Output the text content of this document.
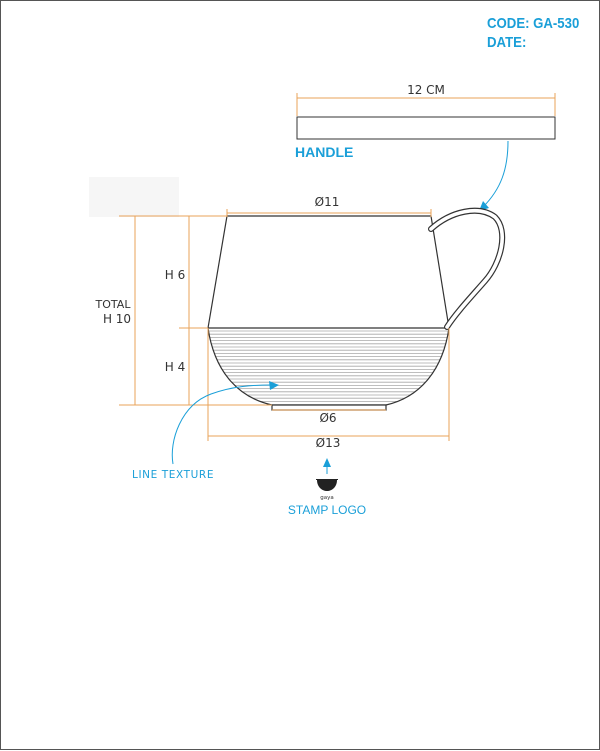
CODE: GA-530
DATE:
12 CM
HANDLE
Ø11
H 6
H 4
TOTAL
H 10
Ø6
Ø13
LINE TEXTURE
gaya
STAMP LOGO
